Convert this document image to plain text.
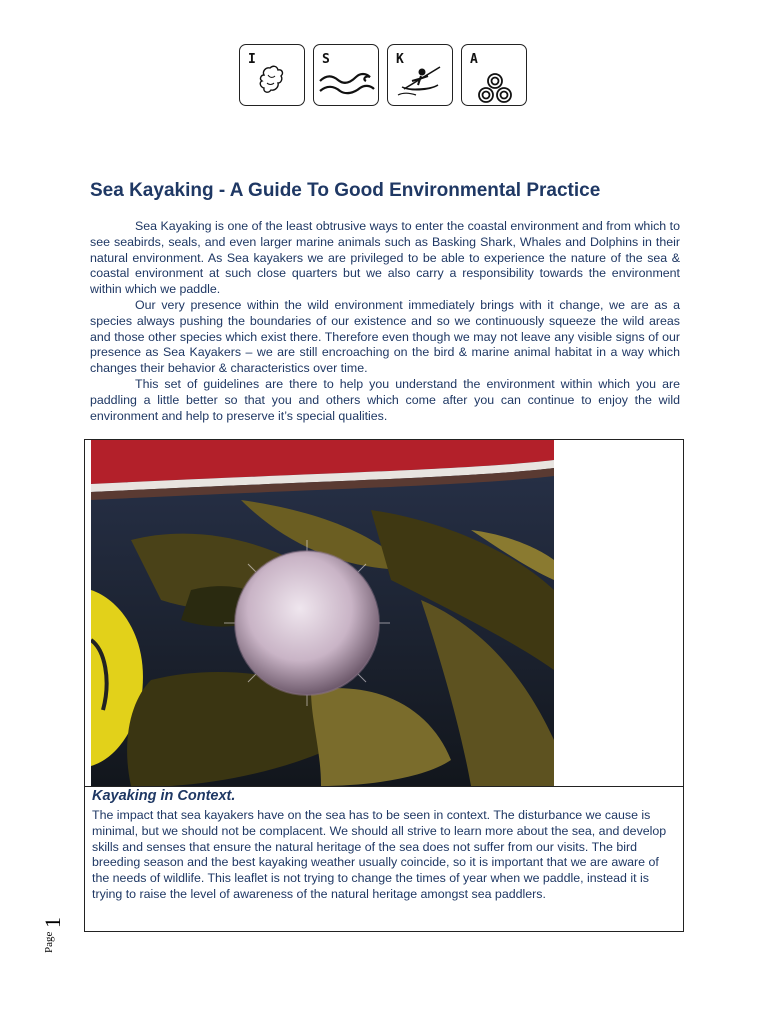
I	S	K	A
Sea Kayaking - A Guide To Good Environmental Practice

Sea Kayaking is one of the least obtrusive ways to enter the coastal environment and from which to see seabirds, seals, and even larger marine animals such as Basking Shark, Whales and Dolphins in their natural environment. As Sea kayakers we are privileged to be able to experience the nature of the sea & coastal environment at such close quarters but we also carry a responsibility towards the environment within which we paddle.

Our very presence within the wild environment immediately brings with it change, we are as a species always pushing the boundaries of our existence and so we continuously squeeze the wild areas and those other species which exist there. Therefore even though we may not leave any visible signs of our presence as Sea Kayakers – we are still encroaching on the bird & marine animal habitat in a way which changes their behavior & characteristics over time.

This set of guidelines are there to help you understand the environment within which you are paddling a little better so that you and others which come after you can continue to enjoy the wild environment and help to preserve it’s special qualities.

Kayaking in Context.

The impact that sea kayakers have on the sea has to be seen in context. The disturbance we cause is minimal, but we should not be complacent. We should all strive to learn more about the sea, and develop skills and senses that ensure the natural heritage of the sea does not suffer from our visits. The bird breeding season and the best kayaking weather usually coincide, so it is important that we are aware of the needs of wildlife. This leaflet is not trying to change the times of year when we paddle, instead it is trying to raise the level of awareness of the natural heritage amongst sea paddlers.

Page
1
